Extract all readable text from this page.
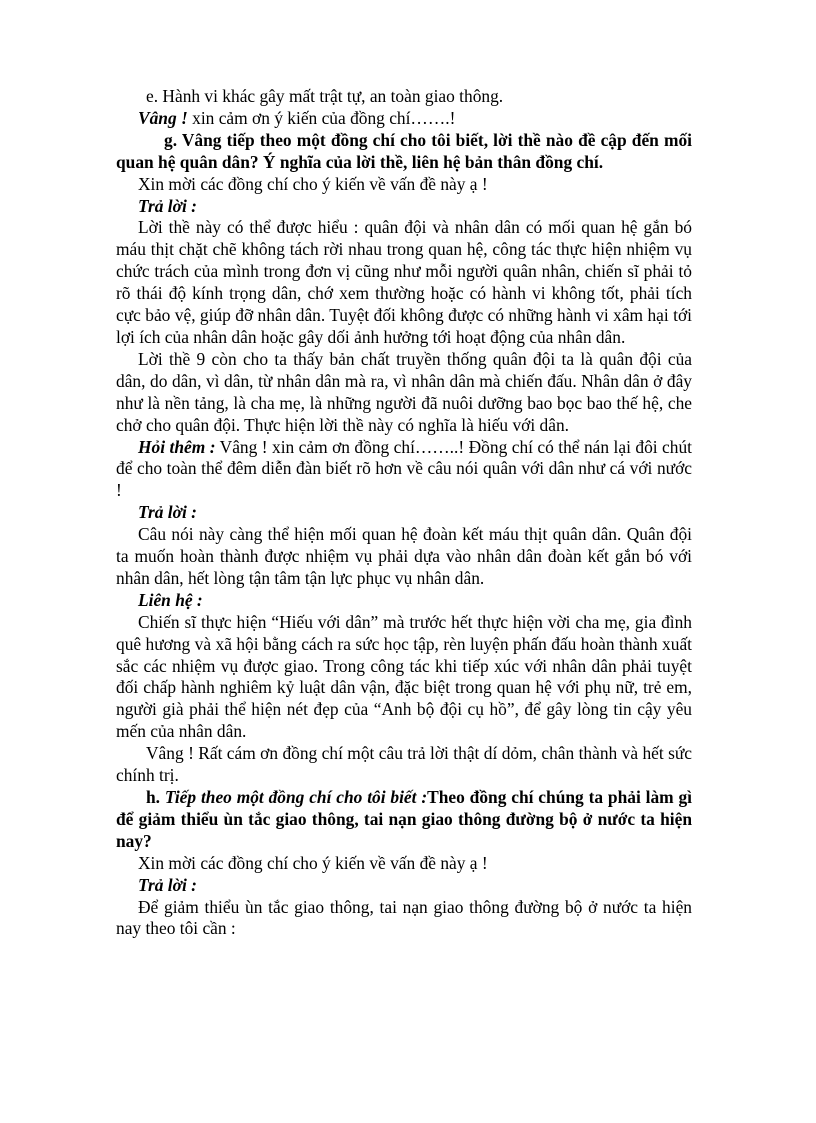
e. Hành vi khác gây mất trật tự, an toàn giao thông.

Vâng ! xin cảm ơn ý kiến của đồng chí…….!

g. Vâng tiếp theo một đồng chí cho tôi biết, lời thề nào đề cập đến mối quan hệ quân dân? Ý nghĩa của lời thề, liên hệ bản thân đồng chí.

Xin mời các đồng chí cho ý kiến về vấn đề này ạ !

Trả lời :

Lời thề này có thể được hiểu : quân đội và nhân dân có mối quan hệ gắn bó máu thịt chặt chẽ không tách rời nhau trong quan hệ, công tác thực hiện nhiệm vụ chức trách của mình trong đơn vị cũng như mỗi người quân nhân, chiến sĩ phải tỏ rõ thái độ kính trọng dân, chớ xem thường hoặc có hành vi không tốt, phải tích cực bảo vệ, giúp đỡ nhân dân. Tuyệt đối không được có những hành vi xâm hại tới lợi ích của nhân dân hoặc gây dối ảnh hưởng tới hoạt động của nhân dân.

Lời thề 9 còn cho ta thấy bản chất truyền thống quân đội ta là quân đội của dân, do dân, vì dân, từ nhân dân mà ra, vì nhân dân mà chiến đấu. Nhân dân ở đây như là nền tảng, là cha mẹ, là những người đã nuôi dưỡng bao bọc bao thế hệ, che chở cho quân đội. Thực hiện lời thề này có nghĩa là hiếu với dân.

Hỏi thêm : Vâng ! xin cảm ơn đồng chí……..! Đồng chí có thể nán lại đôi chút để cho toàn thể đêm diễn đàn biết rõ hơn về câu nói quân với dân như cá với nước !

Trả lời :

Câu nói này càng thể hiện mối quan hệ đoàn kết máu thịt quân dân. Quân đội ta muốn hoàn thành được nhiệm vụ phải dựa vào nhân dân đoàn kết gắn bó với nhân dân, hết lòng tận tâm tận lực phục vụ nhân dân.

Liên hệ :

Chiến sĩ thực hiện “Hiếu với dân” mà trước hết thực hiện vời cha mẹ, gia đình quê hương và xã hội bằng cách ra sức học tập, rèn luyện phấn đấu hoàn thành xuất sắc các nhiệm vụ được giao. Trong công tác khi tiếp xúc với nhân dân phải tuyệt đối chấp hành nghiêm kỷ luật dân vận, đặc biệt trong quan hệ với phụ nữ, trẻ em, người già phải thể hiện nét đẹp của “Anh bộ đội cụ hồ”, để gây lòng tin cậy yêu mến của nhân dân.

Vâng ! Rất cám ơn đồng chí một câu trả lời thật dí dỏm, chân thành và hết sức chính trị.

h. Tiếp theo một đồng chí cho tôi biết :Theo đồng chí chúng ta phải làm gì để giảm thiểu ùn tắc giao thông, tai nạn giao thông đường bộ ở nước ta hiện nay?

Xin mời các đồng chí cho ý kiến về vấn đề này ạ !

Trả lời :

Để giảm thiểu ùn tắc giao thông, tai nạn giao thông đường bộ ở nước ta hiện nay theo tôi cần :
